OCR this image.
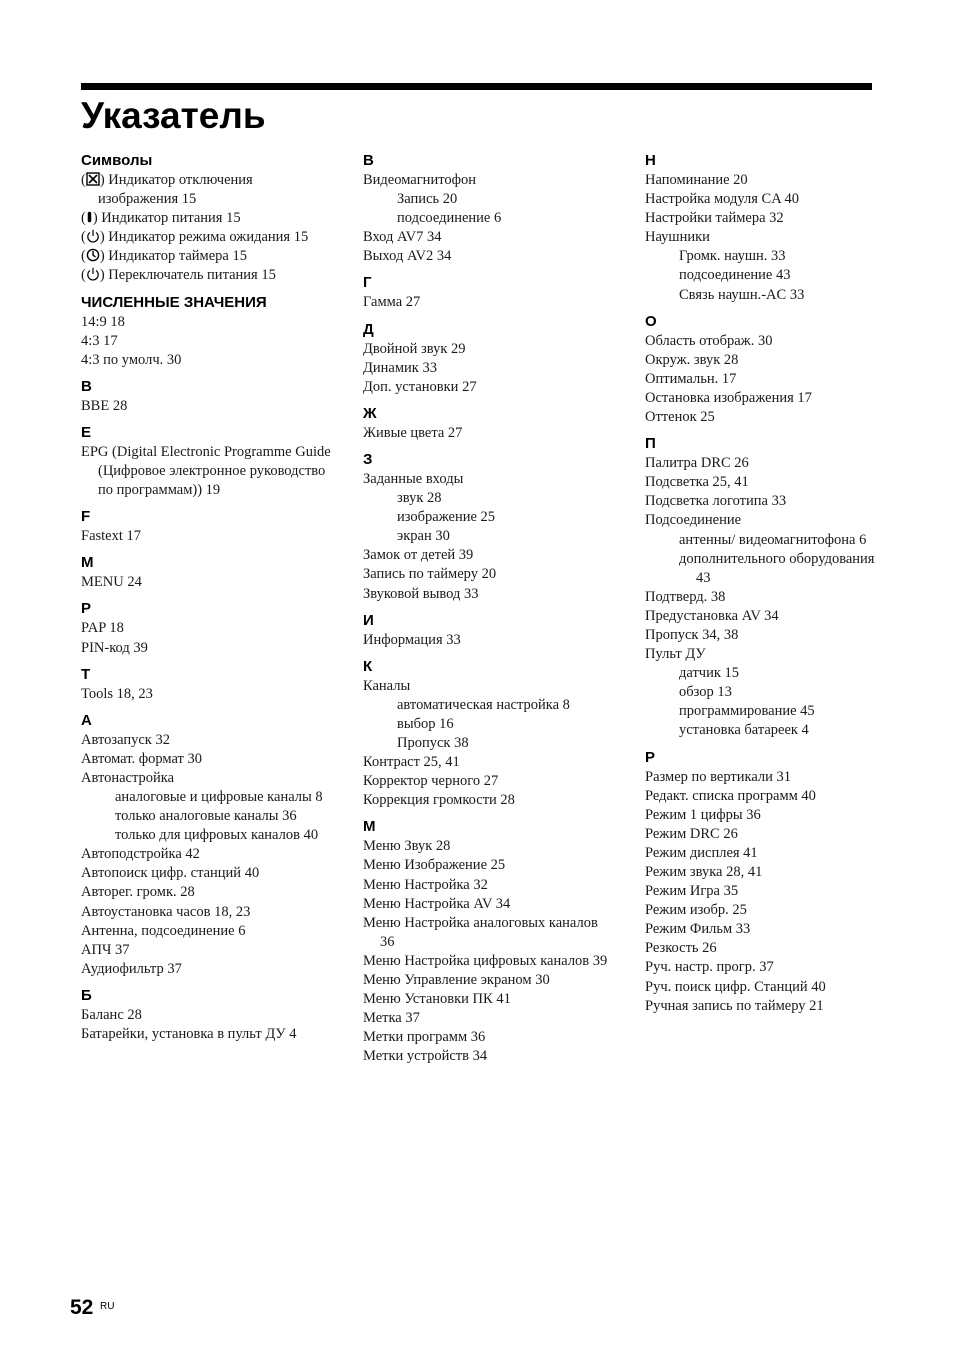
Указатель
Символы
( ) Индикатор отключения изображения 15
( ) Индикатор питания 15
( ) Индикатор режима ожидания 15
( ) Индикатор таймера 15
( ) Переключатель питания 15
ЧИСЛЕННЫЕ ЗНАЧЕНИЯ
14:9 18
4:3 17
4:3 по умолч. 30
B
BBE 28
E
EPG (Digital Electronic Programme Guide (Цифровое электронное руководство по программам)) 19
F
Fastext 17
M
MENU 24
P
PAP 18
PIN-код 39
T
Tools 18, 23
А
Автозапуск 32
Автомат. формат 30
Автонастройка
аналоговые и цифровые каналы 8
только аналоговые каналы 36
только для цифровых каналов 40
Автоподстройка 42
Автопоиск цифр. станций 40
Авторег. громк. 28
Автоустановка часов 18, 23
Антенна, подсоединение 6
АПЧ 37
Аудиофильтр 37
Б
Баланс 28
Батарейки, установка в пульт ДУ 4
В
Видеомагнитофон
Запись 20
подсоединение 6
Вход AV7 34
Выход AV2 34
Г
Гамма 27
Д
Двойной звук 29
Динамик 33
Доп. установки 27
Ж
Живые цвета 27
З
Заданные входы
звук 28
изображение 25
экран 30
Замок от детей 39
Запись по таймеру 20
Звуковой вывод 33
И
Информация 33
К
Каналы
автоматическая настройка 8
выбор 16
Пропуск 38
Контраст 25, 41
Корректор черного 27
Коррекция громкости 28
М
Меню Звук 28
Меню Изображение 25
Меню Настройка 32
Меню Настройка AV 34
Меню Настройка аналоговых каналов 36
Меню Настройка цифровых каналов 39
Меню Управление экраном 30
Меню Установки ПК 41
Метка 37
Метки программ 36
Метки устройств 34
Н
Напоминание 20
Настройка модуля CA 40
Настройки таймера 32
Наушники
Громк. наушн. 33
подсоединение 43
Связь наушн.-AC 33
О
Область отображ. 30
Окруж. звук 28
Оптимальн. 17
Остановка изображения 17
Оттенок 25
П
Палитра DRC 26
Подсветка 25, 41
Подсветка логотипа 33
Подсоединение
антенны/ видеомагнитофона 6
дополнительного оборудования 43
Подтверд. 38
Предустановка AV 34
Пропуск 34, 38
Пульт ДУ
датчик 15
обзор 13
программирование 45
установка батареек 4
Р
Размер по вертикали 31
Редакт. списка программ 40
Режим 1 цифры 36
Режим DRC 26
Режим дисплея 41
Режим звука 28, 41
Режим Игра 35
Режим изобр. 25
Режим Фильм 33
Резкость 26
Руч. настр. прогр. 37
Руч. поиск цифр. Станций 40
Ручная запись по таймеру 21
52 RU
